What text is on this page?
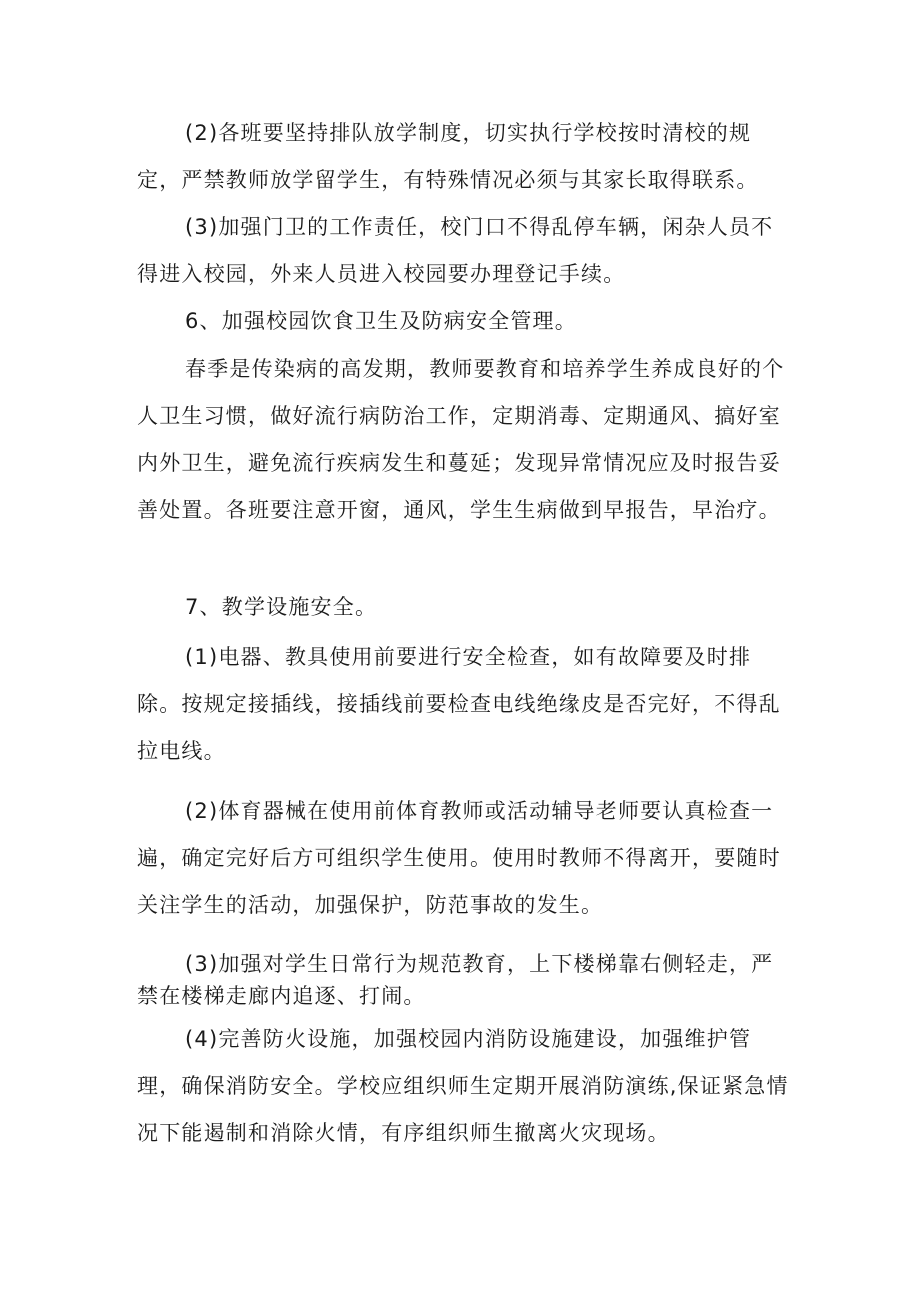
(2)各班要坚持排队放学制度，切实执行学校按时清校的规定，严禁教师放学留学生，有特殊情况必须与其家长取得联系。

(3)加强门卫的工作责任，校门口不得乱停车辆，闲杂人员不得进入校园，外来人员进入校园要办理登记手续。

6、加强校园饮食卫生及防病安全管理。

春季是传染病的高发期，教师要教育和培养学生养成良好的个人卫生习惯，做好流行病防治工作，定期消毒、定期通风、搞好室内外卫生，避免流行疾病发生和蔓延；发现异常情况应及时报告妥善处置。各班要注意开窗，通风，学生生病做到早报告，早治疗。

7、教学设施安全。

(1)电器、教具使用前要进行安全检查，如有故障要及时排除。按规定接插线，接插线前要检查电线绝缘皮是否完好，不得乱拉电线。

(2)体育器械在使用前体育教师或活动辅导老师要认真检查一遍，确定完好后方可组织学生使用。使用时教师不得离开，要随时关注学生的活动，加强保护，防范事故的发生。

(3)加强对学生日常行为规范教育，上下楼梯靠右侧轻走，严禁在楼梯走廊内追逐、打闹。

(4)完善防火设施，加强校园内消防设施建设，加强维护管理，确保消防安全。学校应组织师生定期开展消防演练,保证紧急情况下能遏制和消除火情，有序组织师生撤离火灾现场。
